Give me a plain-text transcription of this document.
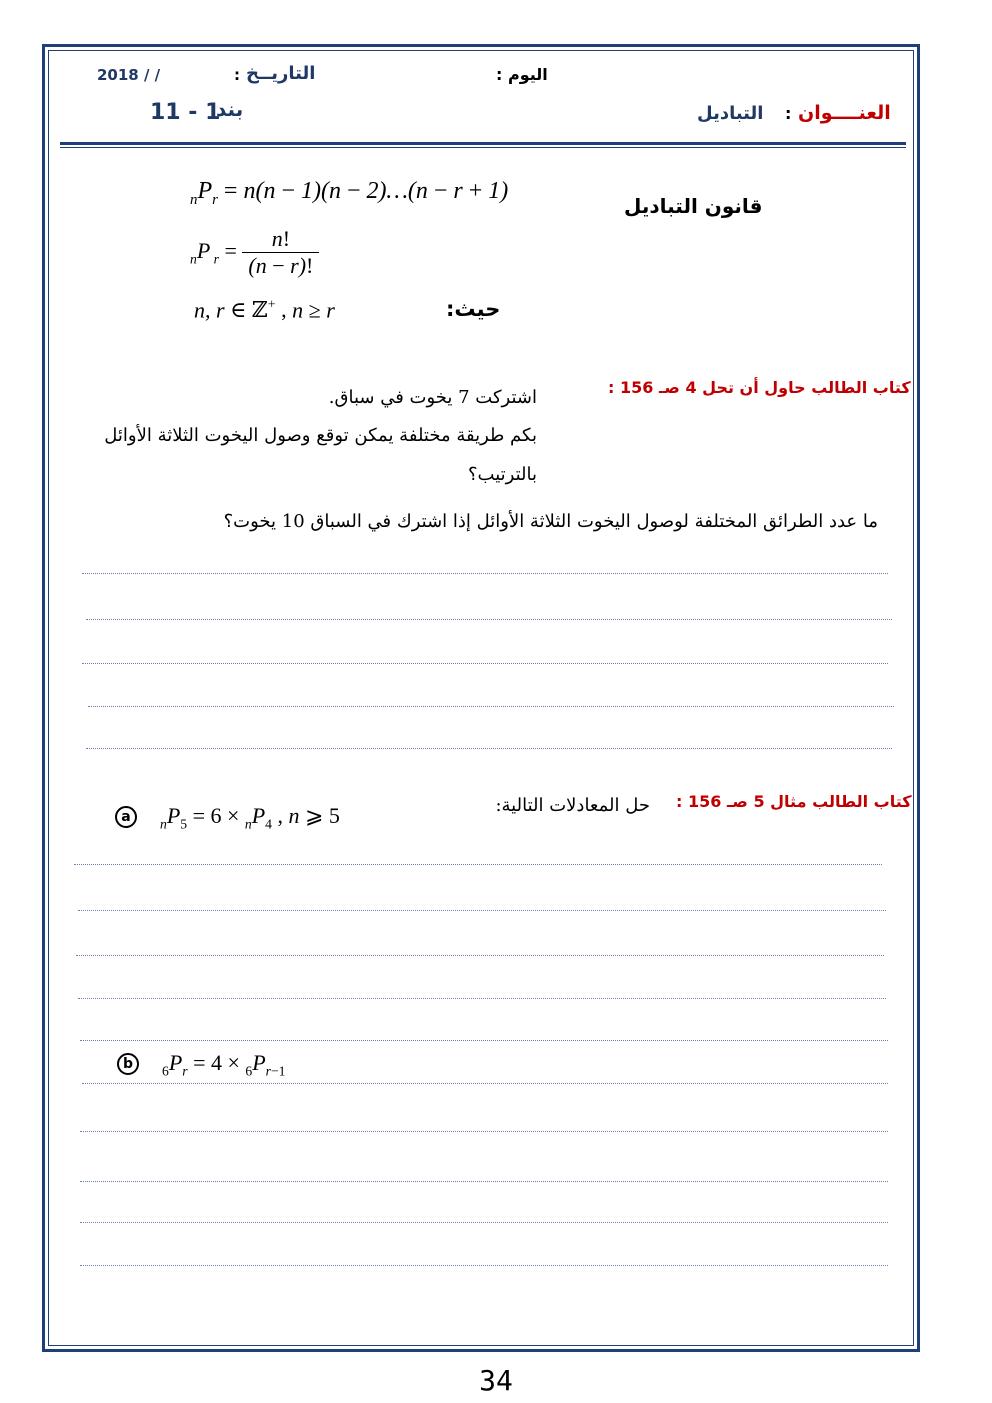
2018 / /	: التاريــخ	اليوم :
11 - 1
بند	التباديل : العنــــوان
قانون التباديل
$_nP_r = n(n - 1)(n$ − 2)…(n − r + 1)
$_n$P $_r = \frac{n!}{(n - r)!}$
n, r ∈ ℤ+ , n ≥ r	حيث:
كتاب الطالب حاول أن تحل 4 صـ 156 :
اشتركت 7 يخوت في سباق.
بكم طريقة مختلفة يمكن توقع وصول اليخوت الثلاثة الأوائل
بالترتيب؟
ما عدد الطرائق المختلفة لوصول اليخوت الثلاثة الأوائل إذا اشترك في السباق 10 يخوت؟
كتاب الطالب مثال 5 صـ 156 :
حل المعادلات التالية:
a	$_nP_5 = 6 \times _nP_4$ , n ⩾ 5
b	$_6P_r = 4 \times _6P_{r-1}$
34
